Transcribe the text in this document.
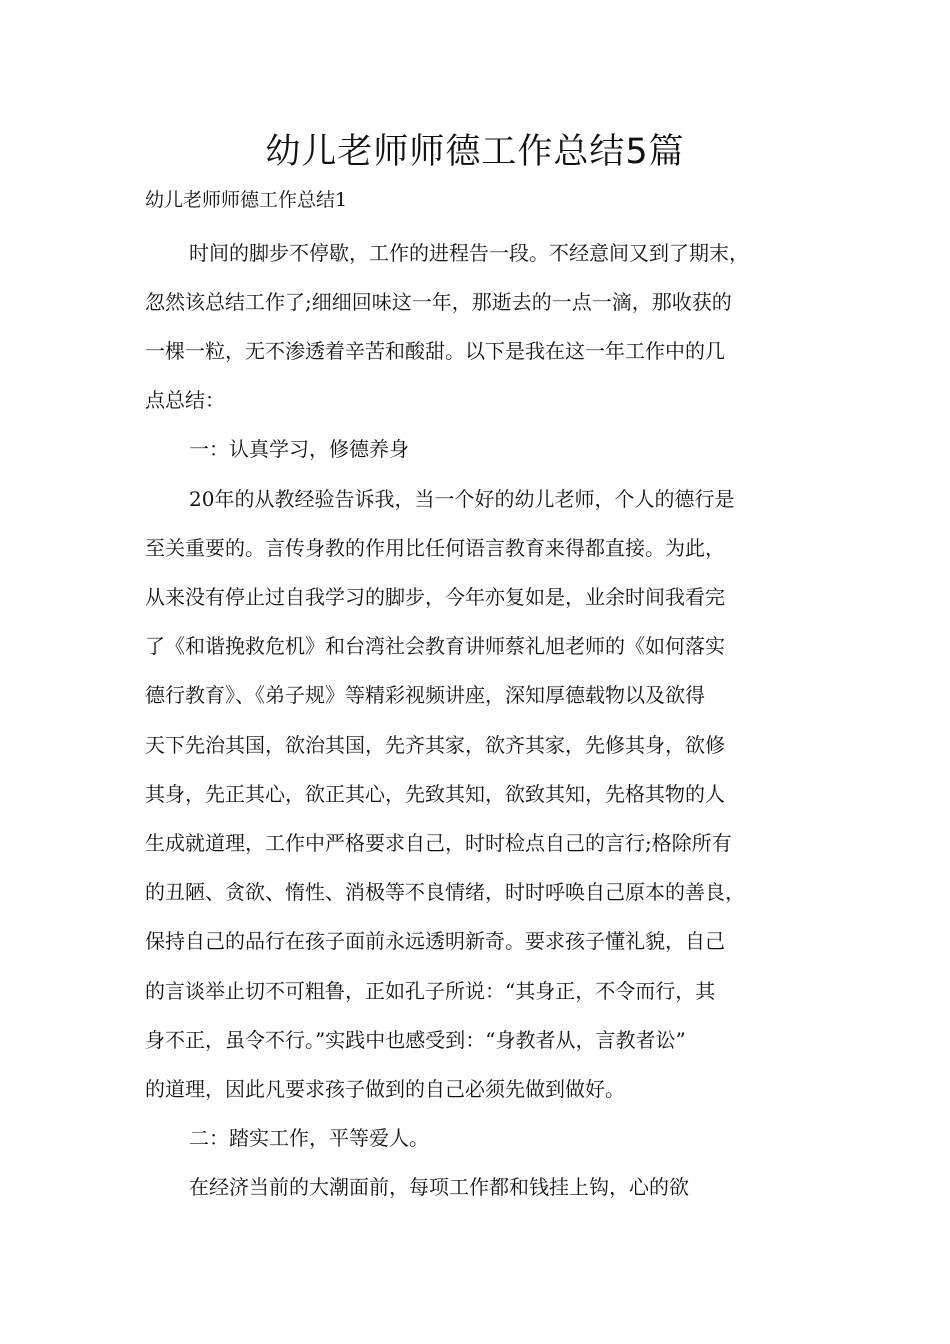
幼儿老师师德工作总结5篇

幼儿老师师德工作总结1

时间的脚步不停歇，工作的进程告一段。不经意间又到了期末，

忽然该总结工作了;细细回味这一年，那逝去的一点一滴，那收获的

一棵一粒，无不渗透着辛苦和酸甜。以下是我在这一年工作中的几

点总结：

一：认真学习，修德养身

20年的从教经验告诉我，当一个好的幼儿老师，个人的德行是

至关重要的。言传身教的作用比任何语言教育来得都直接。为此，

从来没有停止过自我学习的脚步，今年亦复如是，业余时间我看完

了《和谐挽救危机》和台湾社会教育讲师蔡礼旭老师的《如何落实

德行教育》、《弟子规》等精彩视频讲座，深知厚德载物以及欲得

天下先治其国，欲治其国，先齐其家，欲齐其家，先修其身，欲修

其身，先正其心，欲正其心，先致其知，欲致其知，先格其物的人

生成就道理，工作中严格要求自己，时时检点自己的言行;格除所有

的丑陋、贪欲、惰性、消极等不良情绪，时时呼唤自己原本的善良，

保持自己的品行在孩子面前永远透明新奇。要求孩子懂礼貌，自己

的言谈举止切不可粗鲁，正如孔子所说：“其身正，不令而行，其

身不正，虽令不行。”实践中也感受到：“身教者从，言教者讼”

的道理，因此凡要求孩子做到的自己必须先做到做好。

二：踏实工作，平等爱人。

在经济当前的大潮面前，每项工作都和钱挂上钩，心的欲
